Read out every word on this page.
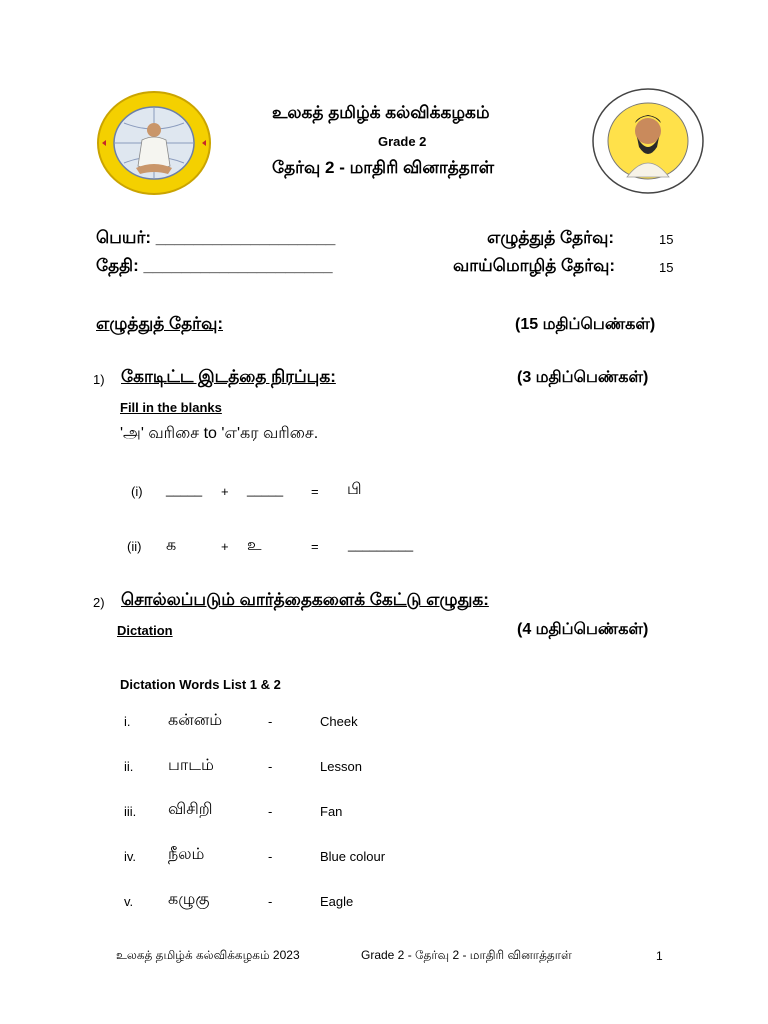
உலகத் தமிழ்க் கல்விக்கழகம்
Grade 2
தேர்வு 2 - மாதிரி வினாத்தாள்
பெயர்: ___________________
தேதி: ____________________
எழுத்துத் தேர்வு:	15
வாய்மொழித் தேர்வு:	15
எழுத்துத் தேர்வு:	(15 மதிப்பெண்கள்)
1) கோடிட்ட இடத்தை நிரப்புக:	(3 மதிப்பெண்கள்)
Fill in the blanks
'அ' வரிசை to 'எ'கர வரிசை.
(i) _____ + _____ = பி
(ii) க	+ உ	= _________
2) சொல்லப்படும் வார்த்தைகளைக் கேட்டு எழுதுக:
Dictation	(4 மதிப்பெண்கள்)
Dictation Words List 1 & 2
i. கன்னம்	-	Cheek
ii. பாடம்	-	Lesson
iii. விசிறி	-	Fan
iv. நீலம்	-	Blue colour
v. கழுகு	-	Eagle
உலகத் தமிழ்க் கல்விக்கழகம் 2023	Grade 2 - தேர்வு 2 - மாதிரி வினாத்தாள்	1
